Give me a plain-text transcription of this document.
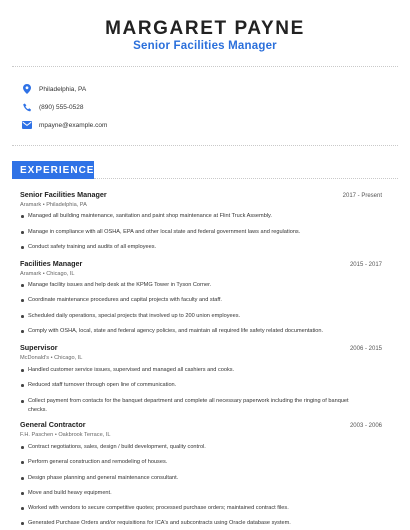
MARGARET PAYNE
Senior Facilities Manager
Philadelphia, PA
(890) 555-0528
mpayne@example.com
EXPERIENCE
Senior Facilities Manager	2017 - Present
Aramark • Philadelphia, PA
Managed all building maintenance, sanitation and paint shop maintenance at Flint Truck Assembly.
Manage in compliance with all OSHA, EPA and other local state and federal government laws and regulations.
Conduct safety training and audits of all employees.
Facilities Manager	2015 - 2017
Aramark • Chicago, IL
Manage facility issues and help desk at the KPMG Tower in Tyson Corner.
Coordinate maintenance procedures and capital projects with faculty and staff.
Scheduled daily operations, special projects that involved up to 200 union employees.
Comply with OSHA, local, state and federal agency policies, and maintain all required life safety related documentation.
Supervisor	2006 - 2015
McDonald's • Chicago, IL
Handled customer service issues, supervised and managed all cashiers and cooks.
Reduced staff turnover through open line of communication.
Collect payment from contacts for the banquet department and complete all necessary paperwork including the ringing of banquet checks.
General Contractor	2003 - 2006
F.H. Paschen • Oakbrook Terrace, IL
Contract negotiations, sales, design / build development, quality control.
Perform general construction and remodeling of houses.
Design phase planning and general maintenance consultant.
Move and build heavy equipment.
Worked with vendors to secure competitive quotes; processed purchase orders; maintained contract files.
Generated Purchase Orders and/or requisitions for ICA's and subcontracts using Oracle database system.
